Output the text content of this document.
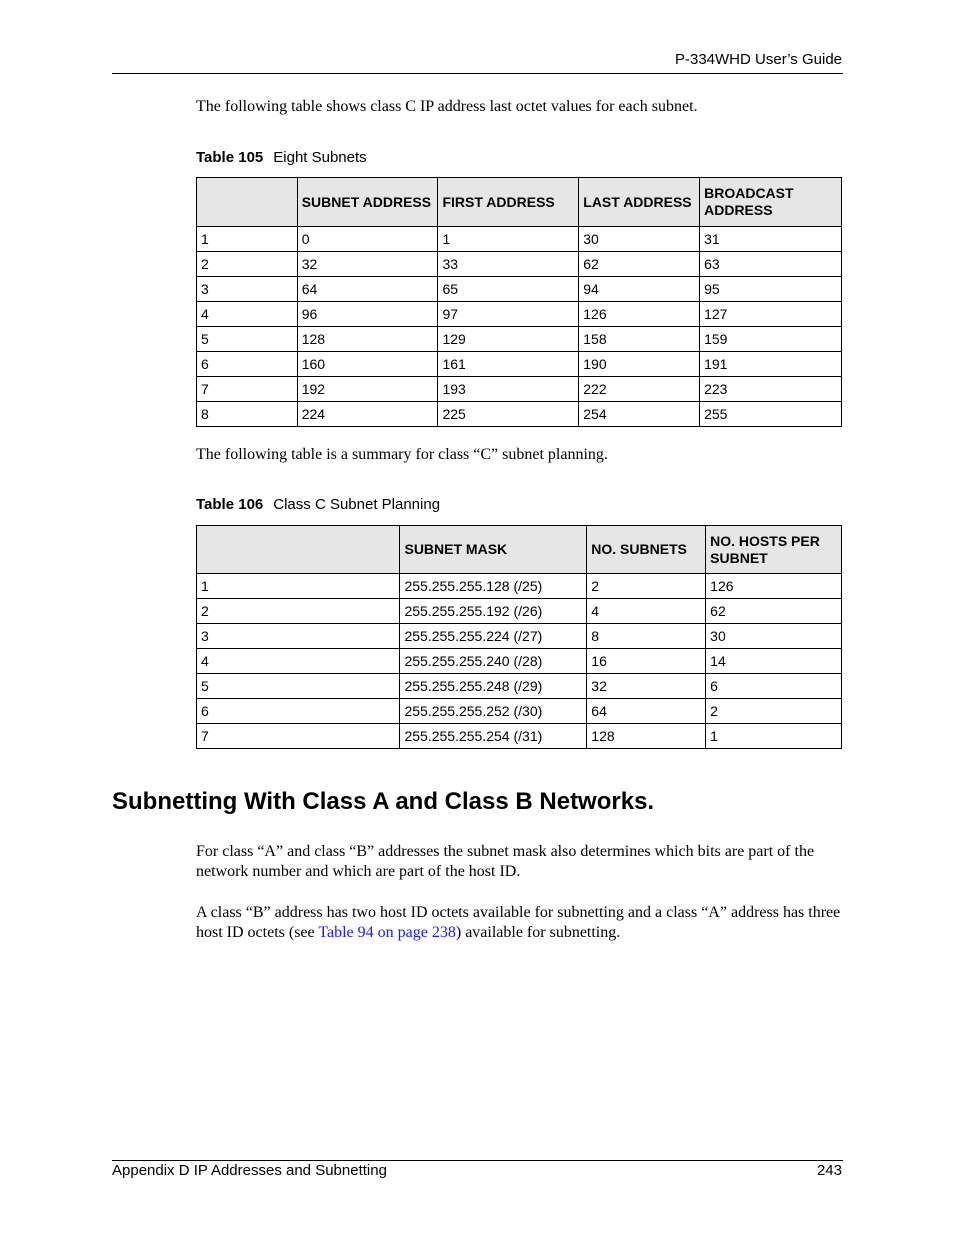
P-334WHD User’s Guide

The following table shows class C IP address last octet values for each subnet.

Table 105 Eight Subnets
	SUBNET ADDRESS	FIRST ADDRESS	LAST ADDRESS	BROADCAST ADDRESS
1	0	1	30	31
2	32	33	62	63
3	64	65	94	95
4	96	97	126	127
5	128	129	158	159
6	160	161	190	191
7	192	193	222	223
8	224	225	254	255

The following table is a summary for class “C” subnet planning.

Table 106 Class C Subnet Planning
	SUBNET MASK	NO. SUBNETS	NO. HOSTS PER SUBNET
1	255.255.255.128 (/25)	2	126
2	255.255.255.192 (/26)	4	62
3	255.255.255.224 (/27)	8	30
4	255.255.255.240 (/28)	16	14
5	255.255.255.248 (/29)	32	6
6	255.255.255.252 (/30)	64	2
7	255.255.255.254 (/31)	128	1
Subnetting With Class A and Class B Networks.

For class “A” and class “B” addresses the subnet mask also determines which bits are part of the network number and which are part of the host ID.

A class “B” address has two host ID octets available for subnetting and a class “A” address has three host ID octets (see Table 94 on page 238) available for subnetting.

Appendix D IP Addresses and Subnetting	243
